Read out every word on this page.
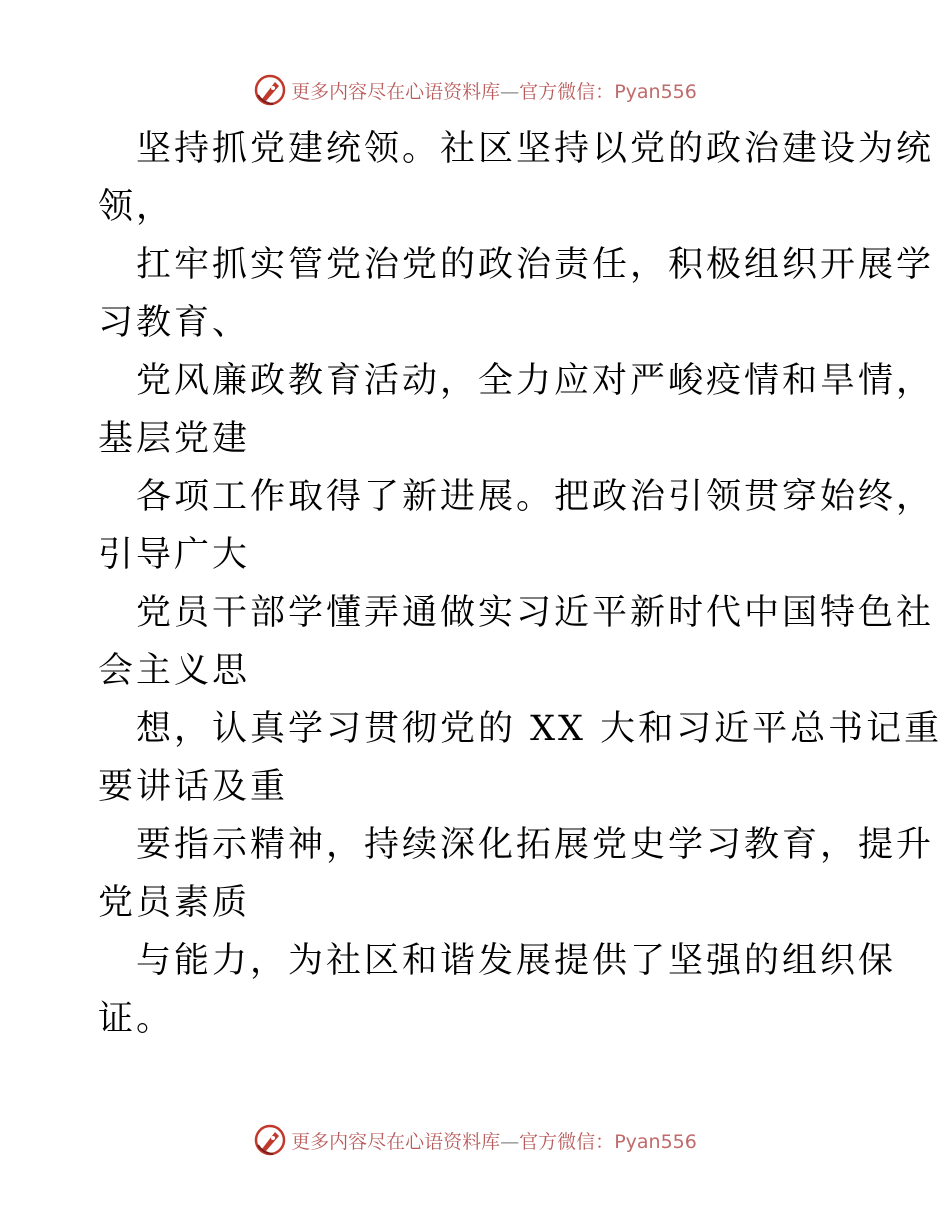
更多内容尽在心语资料库—官方微信：Pyan556
坚持抓党建统领。社区坚持以党的政治建设为统
领，
扛牢抓实管党治党的政治责任，积极组织开展学
习教育、
党风廉政教育活动，全力应对严峻疫情和旱情，
基层党建
各项工作取得了新进展。把政治引领贯穿始终，
引导广大
党员干部学懂弄通做实习近平新时代中国特色社
会主义思
想，认真学习贯彻党的 XX 大和习近平总书记重
要讲话及重
要指示精神，持续深化拓展党史学习教育，提升
党员素质
与能力，为社区和谐发展提供了坚强的组织保
证。
更多内容尽在心语资料库—官方微信：Pyan556
